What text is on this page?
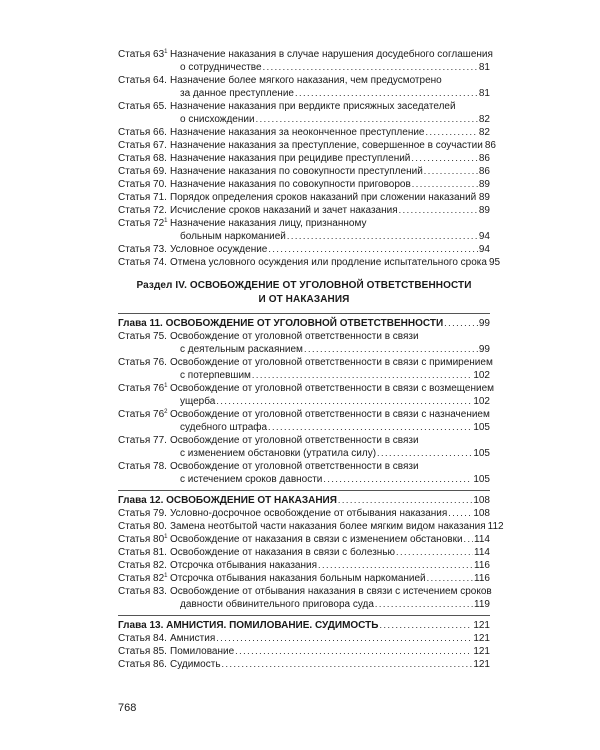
Статья $63^1$ Назначение наказания в случае нарушения досудебного соглашения
о сотрудничестве . . .	81
Статья 64. Назначение более мягкого наказания, чем предусмотрено
за данное преступление . . .	81
Статья 65. Назначение наказания при вердикте присяжных заседателей
о снисхождении . . .	82
Статья 66. Назначение наказания за неоконченное преступление . . .	82
Статья 67. Назначение наказания за преступление, совершенное в соучастии 86
Статья 68. Назначение наказания при рецидиве преступлений . . .	86
Статья 69. Назначение наказания по совокупности преступлений . . .	86
Статья 70. Назначение наказания по совокупности приговоров . . .	89
Статья 71. Порядок определения сроков наказаний при сложении наказаний . . . 89
Статья 72. Исчисление сроков наказаний и зачет наказания . . .	89
Статья $72^1$ Назначение наказания лицу, признанному
больным наркоманией . . .	94
Статья 73. Условное осуждение . . .	94
Статья 74. Отмена условного осуждения или продление испытательного срока 95
Раздел IV. ОСВОБОЖДЕНИЕ ОТ УГОЛОВНОЙ ОТВЕТСТВЕННОСТИ
И ОТ НАКАЗАНИЯ
Глава 11. ОСВОБОЖДЕНИЕ ОТ УГОЛОВНОЙ ОТВЕТСТВЕННОСТИ . . .	99
Статья 75. Освобождение от уголовной ответственности в связи
с деятельным раскаянием . . .	99
Статья 76. Освобождение от уголовной ответственности в связи с примирением
с потерпевшим . . .	102
Статья $76^1$ Освобождение от уголовной ответственности в связи с возмещением
ущерба . . .	102
Статья $76^2$ Освобождение от уголовной ответственности в связи с назначением
судебного штрафа . . .	105
Статья 77. Освобождение от уголовной ответственности в связи
с изменением обстановки (утратила силу) . . .	105
Статья 78. Освобождение от уголовной ответственности в связи
с истечением сроков давности . . .	105
Глава 12. ОСВОБОЖДЕНИЕ ОТ НАКАЗАНИЯ . . .	108
Статья 79. Условно-досрочное освобождение от отбывания наказания . . .	108
Статья 80. Замена неотбытой части наказания более мягким видом наказания 112
Статья $80^1$ Освобождение от наказания в связи с изменением обстановки . . . 114
Статья 81. Освобождение от наказания в связи с болезнью . . .	114
Статья 82. Отсрочка отбывания наказания . . .	116
Статья $82^1$ Отсрочка отбывания наказания больным наркоманией . . .	116
Статья 83. Освобождение от отбывания наказания в связи с истечением сроков
давности обвинительного приговора суда . . .	119
Глава 13. АМНИСТИЯ. ПОМИЛОВАНИЕ. СУДИМОСТЬ . . .	121
Статья 84. Амнистия . . .	121
Статья 85. Помилование . . .	121
Статья 86. Судимость . . .	121
768
